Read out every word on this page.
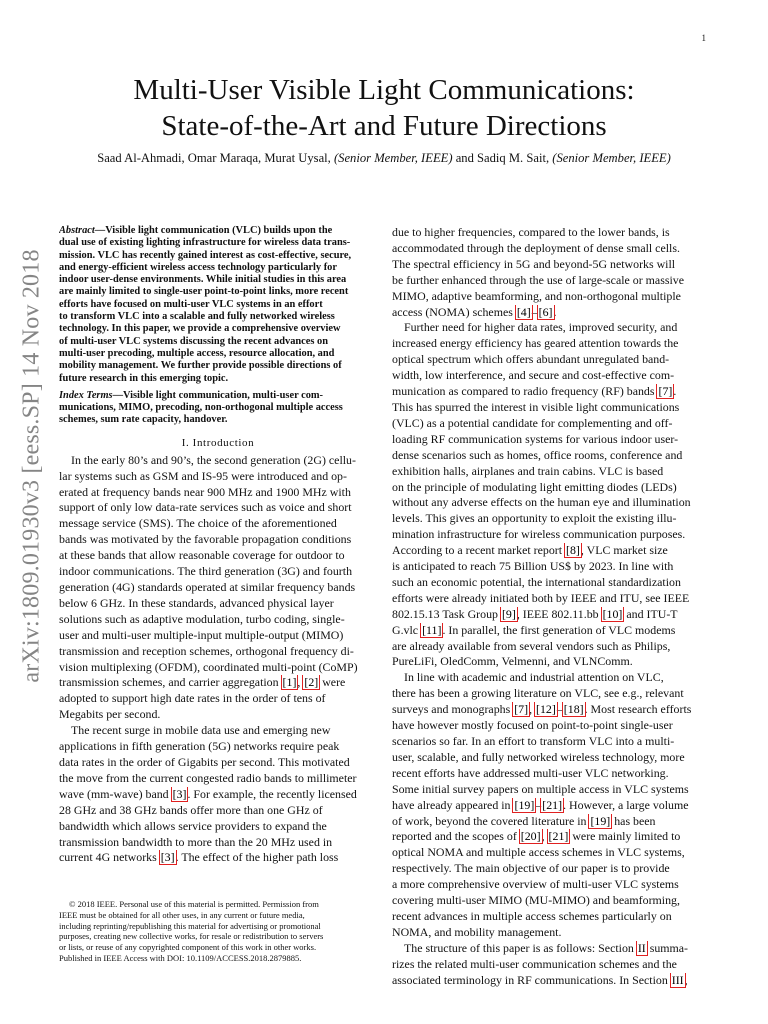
1
arXiv:1809.01930v3 [eess.SP] 14 Nov 2018
Multi-User Visible Light Communications:
State-of-the-Art and Future Directions
Saad Al-Ahmadi, Omar Maraqa, Murat Uysal, (Senior Member, IEEE) and Sadiq M. Sait, (Senior Member, IEEE)
Abstract—Visible light communication (VLC) builds upon the
dual use of existing lighting infrastructure for wireless data trans-
mission. VLC has recently gained interest as cost-effective, secure,
and energy-efficient wireless access technology particularly for
indoor user-dense environments. While initial studies in this area
are mainly limited to single-user point-to-point links, more recent
efforts have focused on multi-user VLC systems in an effort
to transform VLC into a scalable and fully networked wireless
technology. In this paper, we provide a comprehensive overview
of multi-user VLC systems discussing the recent advances on
multi-user precoding, multiple access, resource allocation, and
mobility management. We further provide possible directions of
future research in this emerging topic.
Index Terms—Visible light communication, multi-user com-
munications, MIMO, precoding, non-orthogonal multiple access
schemes, sum rate capacity, handover.
I. Introduction
In the early 80’s and 90’s, the second generation (2G) cellu-
lar systems such as GSM and IS-95 were introduced and op-
erated at frequency bands near 900 MHz and 1900 MHz with
support of only low data-rate services such as voice and short
message service (SMS). The choice of the aforementioned
bands was motivated by the favorable propagation conditions
at these bands that allow reasonable coverage for outdoor to
indoor communications. The third generation (3G) and fourth
generation (4G) standards operated at similar frequency bands
below 6 GHz. In these standards, advanced physical layer
solutions such as adaptive modulation, turbo coding, single-
user and multi-user multiple-input multiple-output (MIMO)
transmission and reception schemes, orthogonal frequency di-
vision multiplexing (OFDM), coordinated multi-point (CoMP)
transmission schemes, and carrier aggregation [1], [2] were
adopted to support high date rates in the order of tens of
Megabits per second.
The recent surge in mobile data use and emerging new
applications in fifth generation (5G) networks require peak
data rates in the order of Gigabits per second. This motivated
the move from the current congested radio bands to millimeter
wave (mm-wave) band [3]. For example, the recently licensed
28 GHz and 38 GHz bands offer more than one GHz of
bandwidth which allows service providers to expand the
transmission bandwidth to more than the 20 MHz used in
current 4G networks [3]. The effect of the higher path loss
due to higher frequencies, compared to the lower bands, is
accommodated through the deployment of dense small cells.
The spectral efficiency in 5G and beyond-5G networks will
be further enhanced through the use of large-scale or massive
MIMO, adaptive beamforming, and non-orthogonal multiple
access (NOMA) schemes [4]–[6].
Further need for higher data rates, improved security, and
increased energy efficiency has geared attention towards the
optical spectrum which offers abundant unregulated band-
width, low interference, and secure and cost-effective com-
munication as compared to radio frequency (RF) bands [7].
This has spurred the interest in visible light communications
(VLC) as a potential candidate for complementing and off-
loading RF communication systems for various indoor user-
dense scenarios such as homes, office rooms, conference and
exhibition halls, airplanes and train cabins. VLC is based
on the principle of modulating light emitting diodes (LEDs)
without any adverse effects on the human eye and illumination
levels. This gives an opportunity to exploit the existing illu-
mination infrastructure for wireless communication purposes.
According to a recent market report [8], VLC market size
is anticipated to reach 75 Billion US$ by 2023. In line with
such an economic potential, the international standardization
efforts were already initiated both by IEEE and ITU, see IEEE
802.15.13 Task Group [9], IEEE 802.11.bb [10] and ITU-T
G.vlc [11]. In parallel, the first generation of VLC modems
are already available from several vendors such as Philips,
PureLiFi, OledComm, Velmenni, and VLNComm.
In line with academic and industrial attention on VLC,
there has been a growing literature on VLC, see e.g., relevant
surveys and monographs [7], [12]–[18]. Most research efforts
have however mostly focused on point-to-point single-user
scenarios so far. In an effort to transform VLC into a multi-
user, scalable, and fully networked wireless technology, more
recent efforts have addressed multi-user VLC networking.
Some initial survey papers on multiple access in VLC systems
have already appeared in [19]–[21]. However, a large volume
of work, beyond the covered literature in [19] has been
reported and the scopes of [20], [21] were mainly limited to
optical NOMA and multiple access schemes in VLC systems,
respectively. The main objective of our paper is to provide
a more comprehensive overview of multi-user VLC systems
covering multi-user MIMO (MU-MIMO) and beamforming,
recent advances in multiple access schemes particularly on
NOMA, and mobility management.
The structure of this paper is as follows: Section II summa-
rizes the related multi-user communication schemes and the
associated terminology in RF communications. In Section III,
© 2018 IEEE. Personal use of this material is permitted. Permission from
IEEE must be obtained for all other uses, in any current or future media,
including reprinting/republishing this material for advertising or promotional
purposes, creating new collective works, for resale or redistribution to servers
or lists, or reuse of any copyrighted component of this work in other works.
Published in IEEE Access with DOI: 10.1109/ACCESS.2018.2879885.
